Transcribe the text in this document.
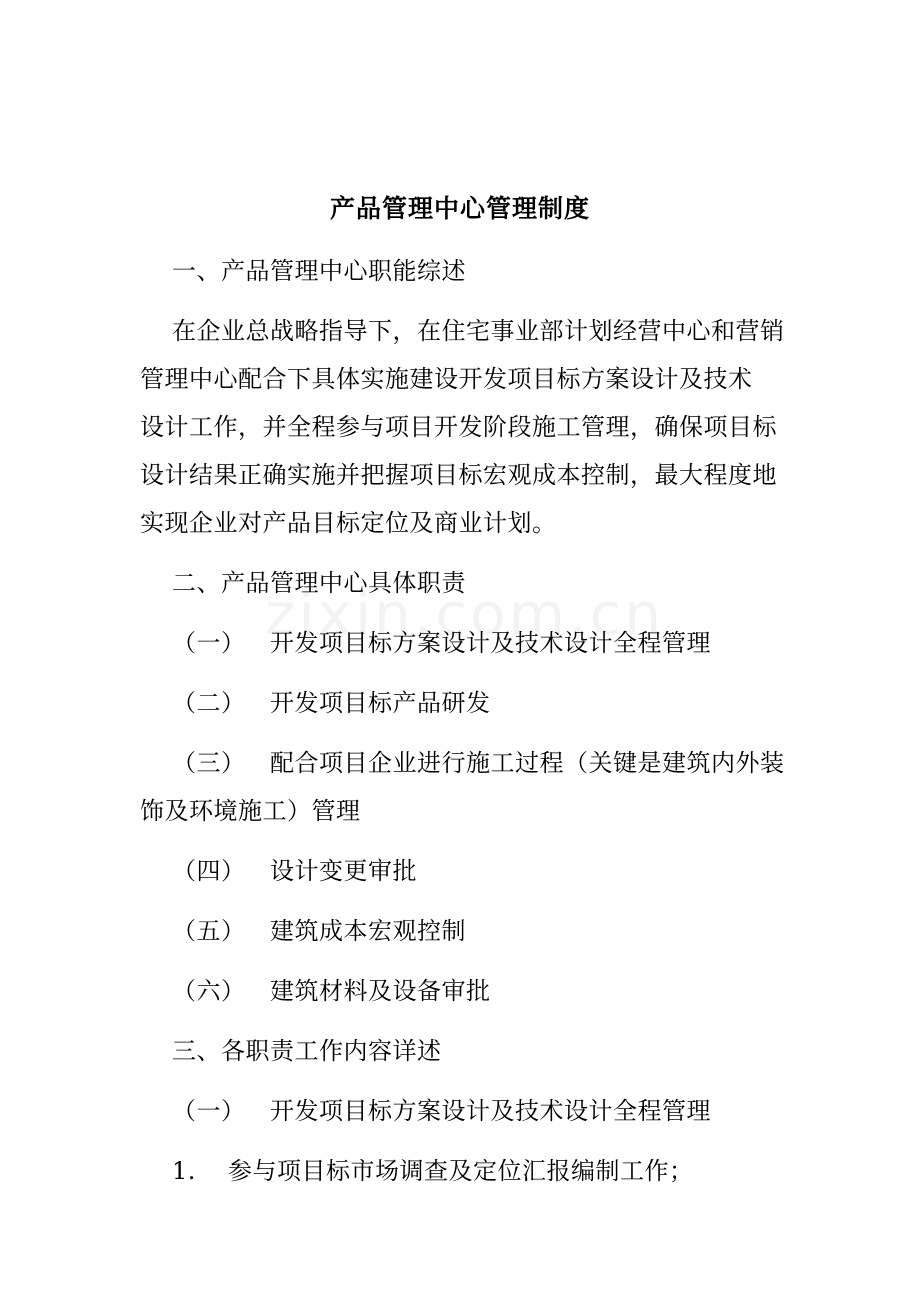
产品管理中心管理制度
一、产品管理中心职能综述
在企业总战略指导下，在住宅事业部计划经营中心和营销
管理中心配合下具体实施建设开发项目标方案设计及技术
设计工作，并全程参与项目开发阶段施工管理，确保项目标
设计结果正确实施并把握项目标宏观成本控制，最大程度地
实现企业对产品目标定位及商业计划。
二、产品管理中心具体职责
（一） 开发项目标方案设计及技术设计全程管理
（二） 开发项目标产品研发
（三） 配合项目企业进行施工过程（关键是建筑内外装
饰及环境施工）管理
（四） 设计变更审批
（五） 建筑成本宏观控制
（六） 建筑材料及设备审批
三、各职责工作内容详述
（一） 开发项目标方案设计及技术设计全程管理
1. 参与项目标市场调查及定位汇报编制工作；
